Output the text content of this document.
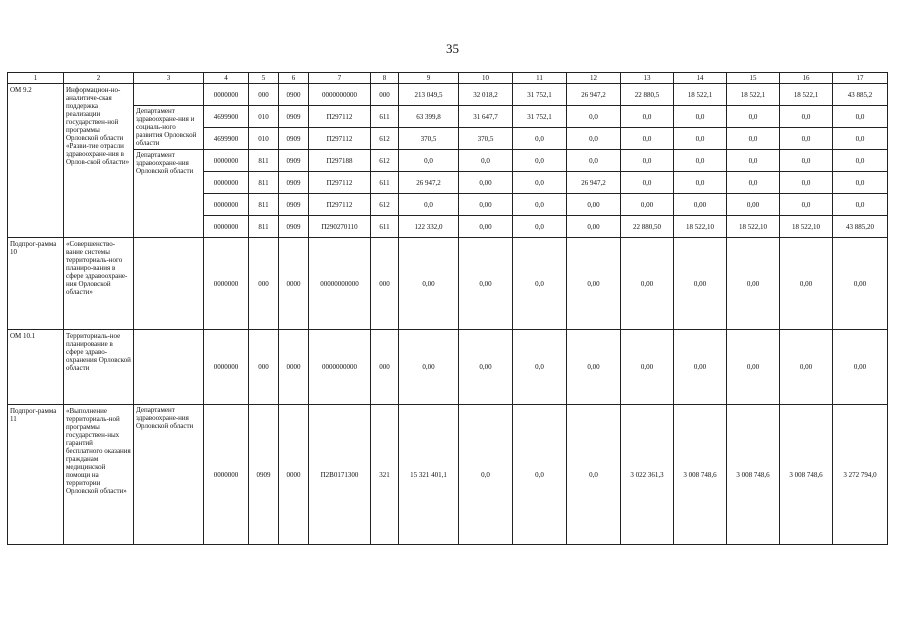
35
1	2	3	4	5	6	7	8	9	10	11	12	13	14	15	16	17
ОМ 9.2	Информацион-но-аналитиче-ская поддержка реализации государствен-ной программы Орловской области «Разви-тие отрасли здравоохране-ния в Орлов-ской области»		0000000	000	0900	0000000000	000	213 049,5	32 018,2	31 752,1	26 947,2	22 880,5	18 522,1	18 522,1	18 522,1	43 885,2
		Департамент здравоохране-ния и социаль-ного развития Орловской области	4699900	010	0909	П297112	611	63 399,8	31 647,7	31 752,1	0,0	0,0	0,0	0,0	0,0	0,0
			4699900	010	0909	П297112	612	370,5	370,5	0,0	0,0	0,0	0,0	0,0	0,0	0,0
		Департамент здравоохране-ния Орловской области	0000000	811	0909	П297188	612	0,0	0,0	0,0	0,0	0,0	0,0	0,0	0,0	0,0
			0000000	811	0909	П297112	611	26 947,2	0,00	0,0	26 947,2	0,0	0,0	0,0	0,0	0,0
			0000000	811	0909	П297112	612	0,0	0,00	0,0	0,00	0,00	0,00	0,00	0,0	0,0
			0000000	811	0909	П290270110	611	122 332,0	0,00	0,0	0,00	22 880,50	18 522,10	18 522,10	18 522,10	43 885,20
Подпрог-рамма 10	«Совершенство-вание системы территориаль-ного планиро-вания в сфере здравоохране-ния Орловской области»		0000000	000	0000	00000000000	000	0,00	0,00	0,0	0,00	0,00	0,00	0,00	0,00	0,00
ОМ 10.1	Территориаль-ное планирование в сфере здраво-охранения Орловской области		0000000	000	0000	0000000000	000	0,00	0,00	0,0	0,00	0,00	0,00	0,00	0,00	0,00
Подпрог-рамма 11	«Выполнение территориаль-ной программы государствен-ных гарантий бесплатного оказания гражданам медицинской помощи на территории Орловской области»	Департамент здравоохране-ния Орловской области	0000000	0909	0000	П2В0171300	321	15 321 401,1	0,0	0,0	0,0	3 022 361,3	3 008 748,6	3 008 748,6	3 008 748,6	3 272 794,0
